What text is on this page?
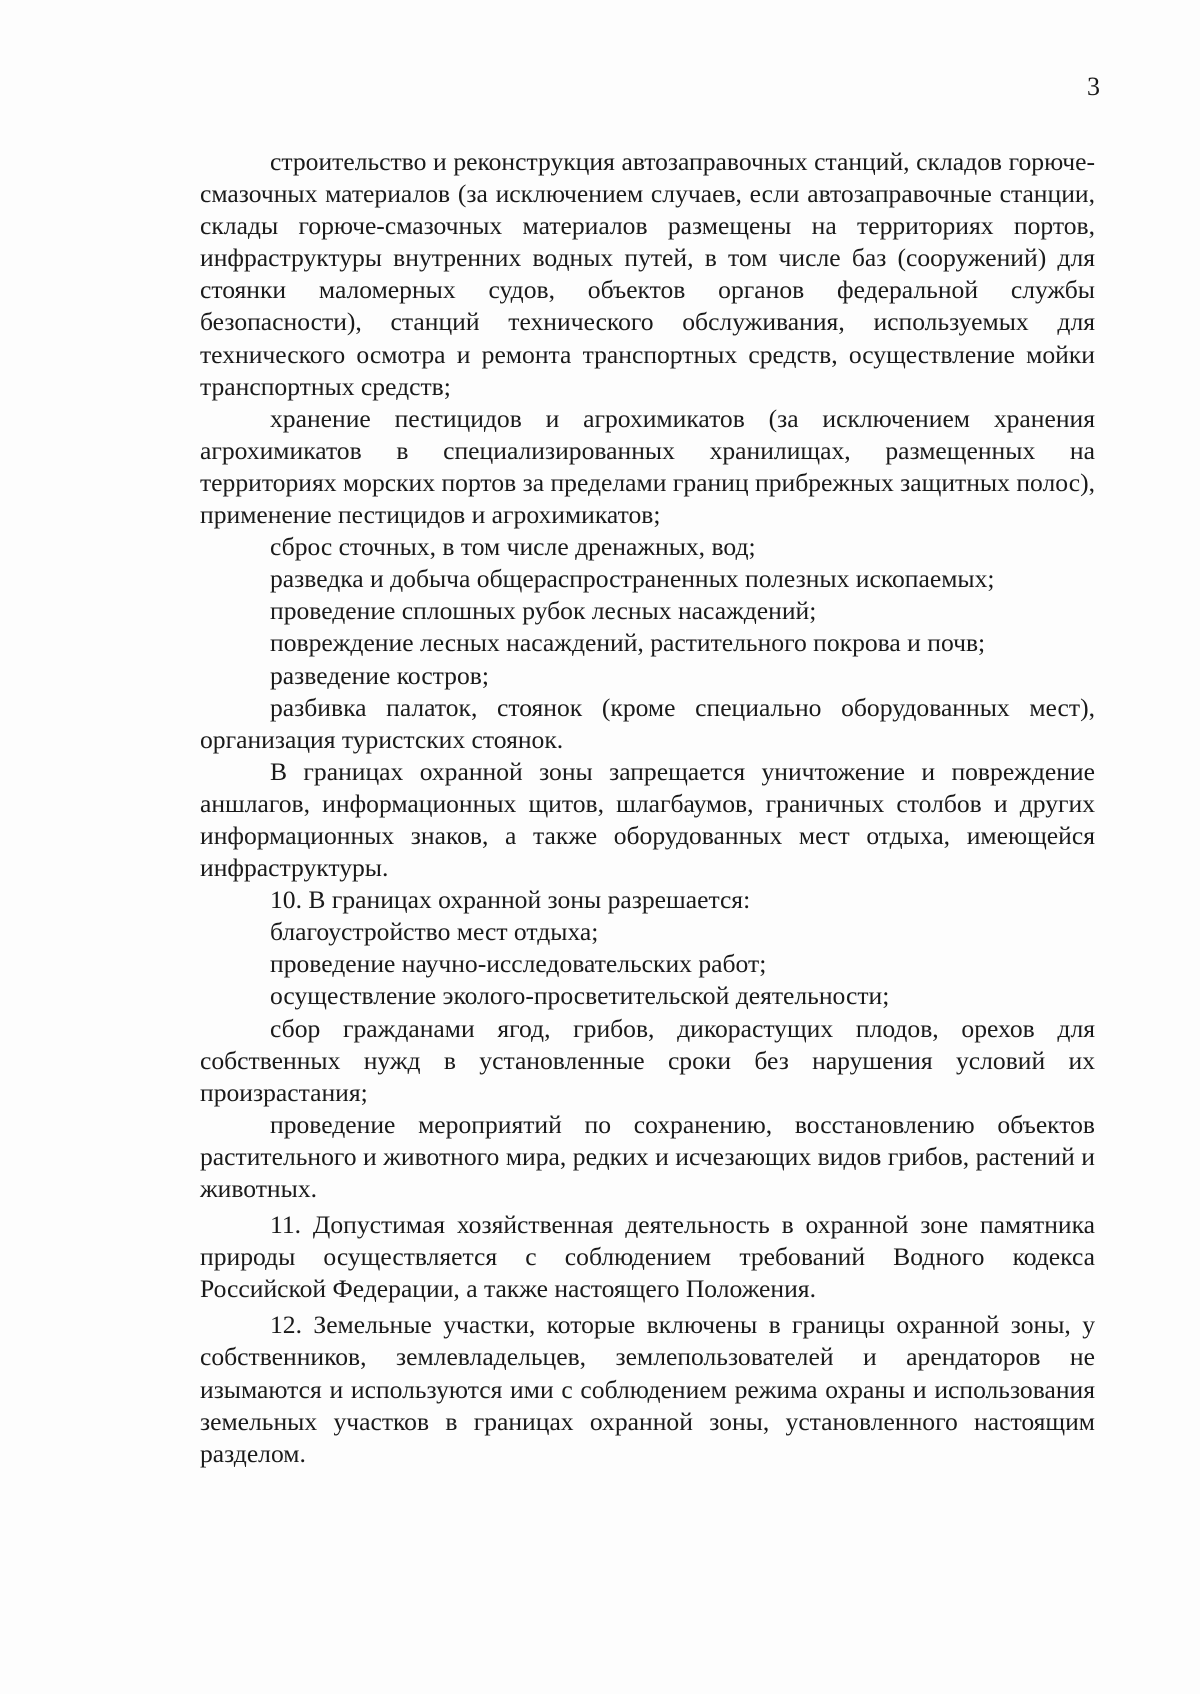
3

строительство и реконструкция автозаправочных станций, складов горюче-смазочных материалов (за исключением случаев, если автозаправочные станции, склады горюче-смазочных материалов размещены на территориях портов, инфраструктуры внутренних водных путей, в том числе баз (сооружений) для стоянки маломерных судов, объектов органов федеральной службы безопасности), станций технического обслуживания, используемых для технического осмотра и ремонта транспортных средств, осуществление мойки транспортных средств;

хранение пестицидов и агрохимикатов (за исключением хранения агрохимикатов в специализированных хранилищах, размещенных на территориях морских портов за пределами границ прибрежных защитных полос), применение пестицидов и агрохимикатов;

сброс сточных, в том числе дренажных, вод;

разведка и добыча общераспространенных полезных ископаемых;

проведение сплошных рубок лесных насаждений;

повреждение лесных насаждений, растительного покрова и почв;

разведение костров;

разбивка палаток, стоянок (кроме специально оборудованных мест), организация туристских стоянок.

В границах охранной зоны запрещается уничтожение и повреждение аншлагов, информационных щитов, шлагбаумов, граничных столбов и других информационных знаков, а также оборудованных мест отдыха, имеющейся инфраструктуры.

10. В границах охранной зоны разрешается:

благоустройство мест отдыха;

проведение научно-исследовательских работ;

осуществление эколого-просветительской деятельности;

сбор гражданами ягод, грибов, дикорастущих плодов, орехов для собственных нужд в установленные сроки без нарушения условий их произрастания;

проведение мероприятий по сохранению, восстановлению объектов растительного и животного мира, редких и исчезающих видов грибов, растений и животных.

11. Допустимая хозяйственная деятельность в охранной зоне памятника природы осуществляется с соблюдением требований Водного кодекса Российской Федерации, а также настоящего Положения.

12. Земельные участки, которые включены в границы охранной зоны, у собственников, землевладельцев, землепользователей и арендаторов не изымаются и используются ими с соблюдением режима охраны и использования земельных участков в границах охранной зоны, установленного настоящим разделом.
